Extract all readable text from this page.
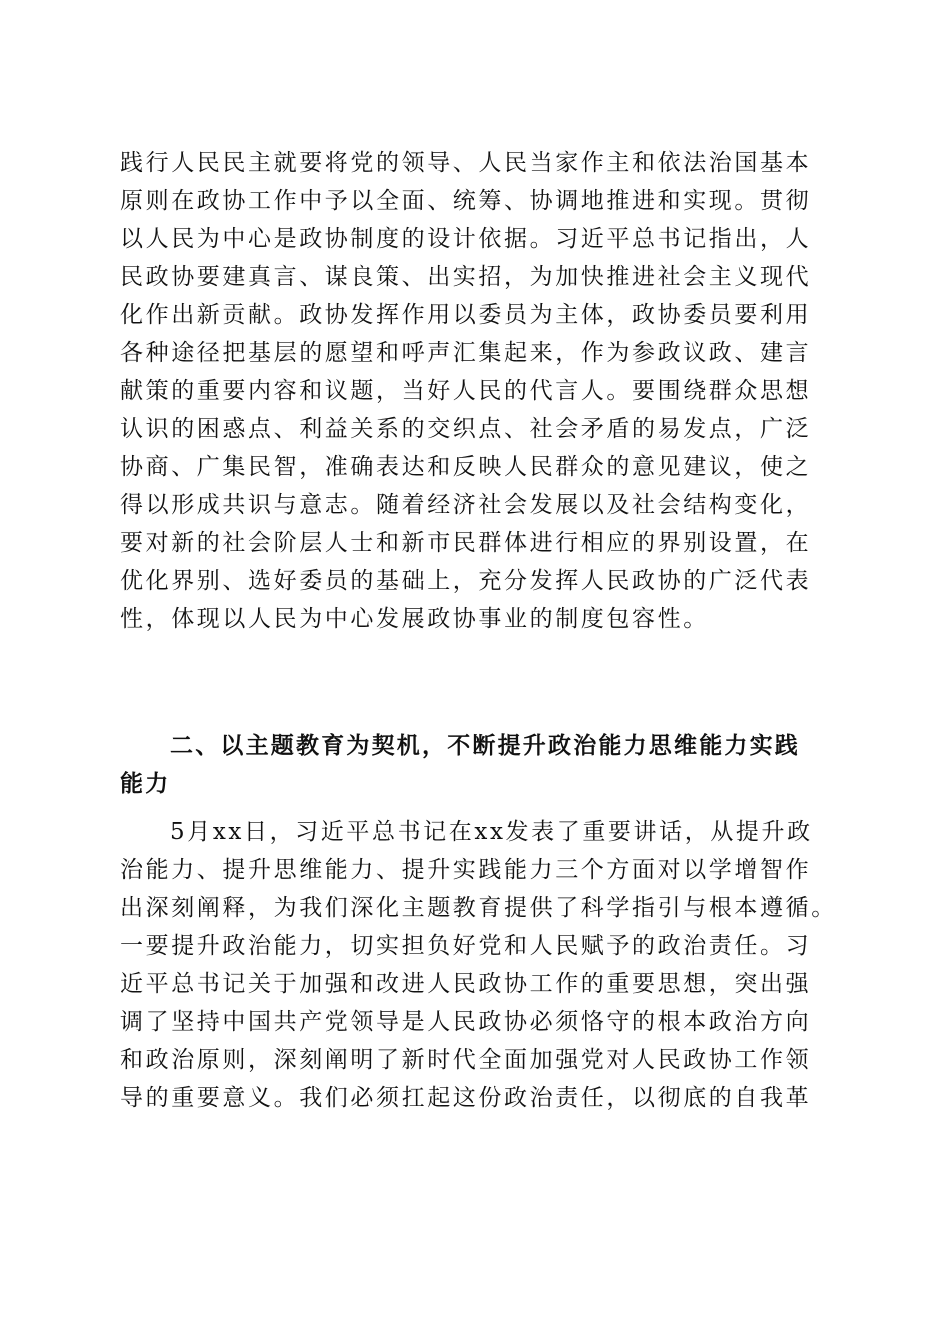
践行人民民主就要将党的领导、人民当家作主和依法治国基本
原则在政协工作中予以全面、统筹、协调地推进和实现。贯彻
以人民为中心是政协制度的设计依据。习近平总书记指出，人
民政协要建真言、谋良策、出实招，为加快推进社会主义现代
化作出新贡献。政协发挥作用以委员为主体，政协委员要利用
各种途径把基层的愿望和呼声汇集起来，作为参政议政、建言
献策的重要内容和议题，当好人民的代言人。要围绕群众思想
认识的困惑点、利益关系的交织点、社会矛盾的易发点，广泛
协商、广集民智，准确表达和反映人民群众的意见建议，使之
得以形成共识与意志。随着经济社会发展以及社会结构变化，
要对新的社会阶层人士和新市民群体进行相应的界别设置，在
优化界别、选好委员的基础上，充分发挥人民政协的广泛代表
性，体现以人民为中心发展政协事业的制度包容性。
二、以主题教育为契机，不断提升政治能力思维能力实践
能力
5月xx日，习近平总书记在xx发表了重要讲话，从提升政
治能力、提升思维能力、提升实践能力三个方面对以学增智作
出深刻阐释，为我们深化主题教育提供了科学指引与根本遵循。
一要提升政治能力，切实担负好党和人民赋予的政治责任。习
近平总书记关于加强和改进人民政协工作的重要思想，突出强
调了坚持中国共产党领导是人民政协必须恪守的根本政治方向
和政治原则，深刻阐明了新时代全面加强党对人民政协工作领
导的重要意义。我们必须扛起这份政治责任，以彻底的自我革
